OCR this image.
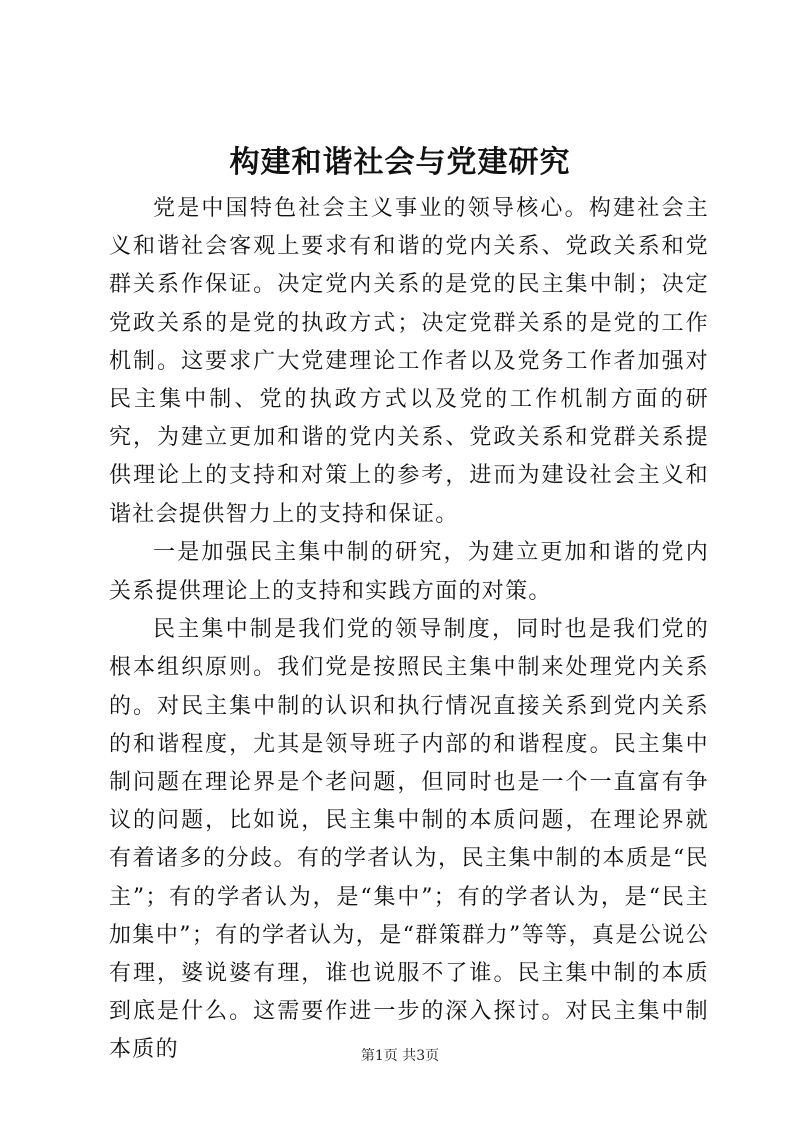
构建和谐社会与党建研究

党是中国特色社会主义事业的领导核心。构建社会主义和谐社会客观上要求有和谐的党内关系、党政关系和党群关系作保证。决定党内关系的是党的民主集中制；决定党政关系的是党的执政方式；决定党群关系的是党的工作机制。这要求广大党建理论工作者以及党务工作者加强对民主集中制、党的执政方式以及党的工作机制方面的研究，为建立更加和谐的党内关系、党政关系和党群关系提供理论上的支持和对策上的参考，进而为建设社会主义和谐社会提供智力上的支持和保证。

一是加强民主集中制的研究，为建立更加和谐的党内关系提供理论上的支持和实践方面的对策。

民主集中制是我们党的领导制度，同时也是我们党的根本组织原则。我们党是按照民主集中制来处理党内关系的。对民主集中制的认识和执行情况直接关系到党内关系的和谐程度，尤其是领导班子内部的和谐程度。民主集中制问题在理论界是个老问题，但同时也是一个一直富有争议的问题，比如说，民主集中制的本质问题，在理论界就有着诸多的分歧。有的学者认为，民主集中制的本质是“民主”；有的学者认为，是“集中”；有的学者认为，是“民主加集中”；有的学者认为，是“群策群力”等等，真是公说公有理，婆说婆有理，谁也说服不了谁。民主集中制的本质到底是什么。这需要作进一步的深入探讨。对民主集中制本质的	第1页 共3页
